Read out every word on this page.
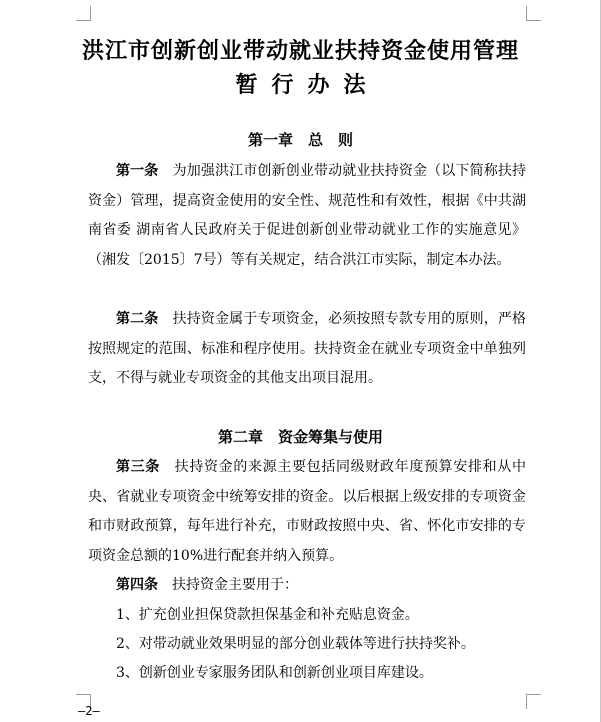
洪江市创新创业带动就业扶持资金使用管理
暂行办法
第一章　总　则
第一条　为加强洪江市创新创业带动就业扶持资金（以下简称扶持资金）管理，提高资金使用的安全性、规范性和有效性，根据《中共湖南省委 湖南省人民政府关于促进创新创业带动就业工作的实施意见》（湘发〔2015〕7号）等有关规定，结合洪江市实际，制定本办法。
第二条　扶持资金属于专项资金，必须按照专款专用的原则，严格按照规定的范围、标准和程序使用。扶持资金在就业专项资金中单独列支，不得与就业专项资金的其他支出项目混用。
第二章　资金筹集与使用
第三条　扶持资金的来源主要包括同级财政年度预算安排和从中央、省就业专项资金中统筹安排的资金。以后根据上级安排的专项资金和市财政预算，每年进行补充，市财政按照中央、省、怀化市安排的专项资金总额的10%进行配套并纳入预算。
第四条　扶持资金主要用于：
1、扩充创业担保贷款担保基金和补充贴息资金。
2、对带动就业效果明显的部分创业载体等进行扶持奖补。
3、创新创业专家服务团队和创新创业项目库建设。
—2—
